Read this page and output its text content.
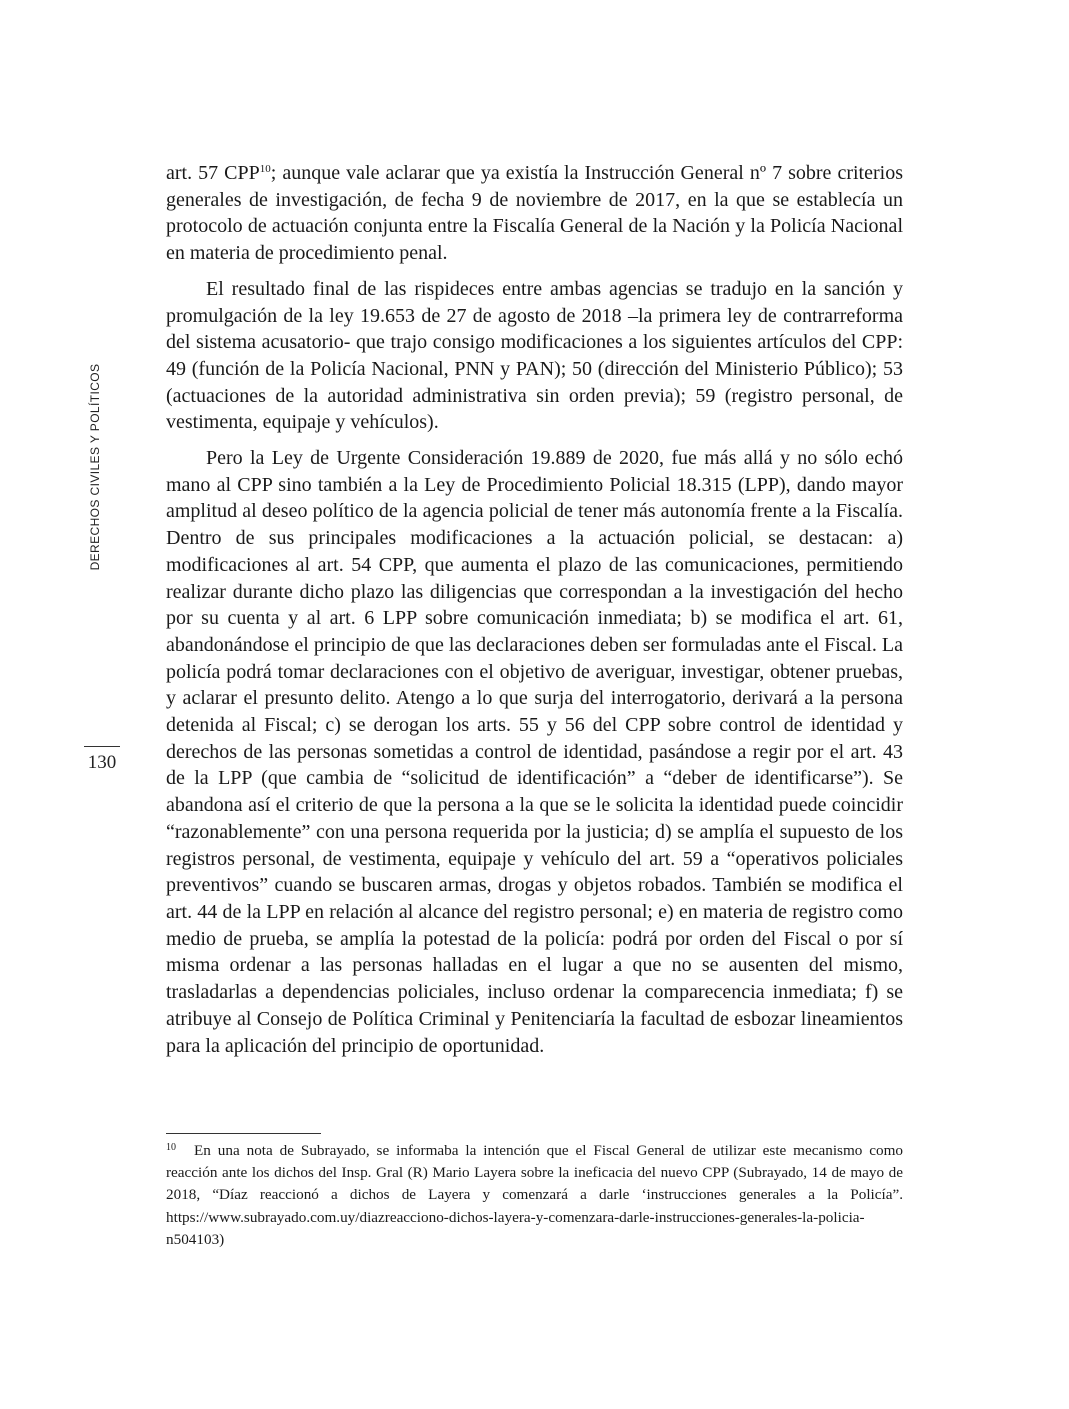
DERECHOS CIVILES Y POLÍTICOS
130

art. 57 CPP$^{10}$; aunque vale aclarar que ya existía la Instrucción General nº 7 sobre criterios generales de investigación, de fecha 9 de noviembre de 2017, en la que se establecía un protocolo de actuación conjunta entre la Fiscalía General de la Nación y la Policía Nacional en materia de procedimiento penal.

El resultado final de las rispideces entre ambas agencias se tradujo en la sanción y promulgación de la ley 19.653 de 27 de agosto de 2018 –la primera ley de contrarreforma del sistema acusatorio- que trajo consigo modificaciones a los siguientes artículos del CPP: 49 (función de la Policía Nacional, PNN y PAN); 50 (dirección del Ministerio Público); 53 (actuaciones de la autoridad administrativa sin orden previa); 59 (registro personal, de vestimenta, equipaje y vehículos).

Pero la Ley de Urgente Consideración 19.889 de 2020, fue más allá y no sólo echó mano al CPP sino también a la Ley de Procedimiento Policial 18.315 (LPP), dando mayor amplitud al deseo político de la agencia policial de tener más autonomía frente a la Fiscalía. Dentro de sus principales modificaciones a la actuación policial, se destacan: a) modificaciones al art. 54 CPP, que aumenta el plazo de las comunicaciones, permitiendo realizar durante dicho plazo las diligencias que correspondan a la investigación del hecho por su cuenta y al art. 6 LPP sobre comunicación inmediata; b) se modifica el art. 61, abandonándose el principio de que las declaraciones deben ser formuladas ante el Fiscal. La policía podrá tomar declaraciones con el objetivo de averiguar, investigar, obtener pruebas, y aclarar el presunto delito. Atengo a lo que surja del interrogatorio, derivará a la persona detenida al Fiscal; c) se derogan los arts. 55 y 56 del CPP sobre control de identidad y derechos de las personas sometidas a control de identidad, pasándose a regir por el art. 43 de la LPP (que cambia de “solicitud de identificación” a “deber de identificarse”). Se abandona así el criterio de que la persona a la que se le solicita la identidad puede coincidir “razonablemente” con una persona requerida por la justicia; d) se amplía el supuesto de los registros personal, de vestimenta, equipaje y vehículo del art. 59 a “operativos policiales preventivos” cuando se buscaren armas, drogas y objetos robados. También se modifica el art. 44 de la LPP en relación al alcance del registro personal; e) en materia de registro como medio de prueba, se amplía la potestad de la policía: podrá por orden del Fiscal o por sí misma ordenar a las personas halladas en el lugar a que no se ausenten del mismo, trasladarlas a dependencias policiales, incluso ordenar la comparecencia inmediata; f) se atribuye al Consejo de Política Criminal y Penitenciaría la facultad de esbozar lineamientos para la aplicación del principio de oportunidad.

10 En una nota de Subrayado, se informaba la intención que el Fiscal General de utilizar este mecanismo como reacción ante los dichos del Insp. Gral (R) Mario Layera sobre la ineficacia del nuevo CPP (Subrayado, 14 de mayo de 2018, “Díaz reaccionó a dichos de Layera y comenzará a darle ‘instrucciones generales a la Policía”. https://www.subrayado.com.uy/diazreacciono-dichos-layera-y-comenzara-darle-instrucciones-generales-la-policia-n504103)
